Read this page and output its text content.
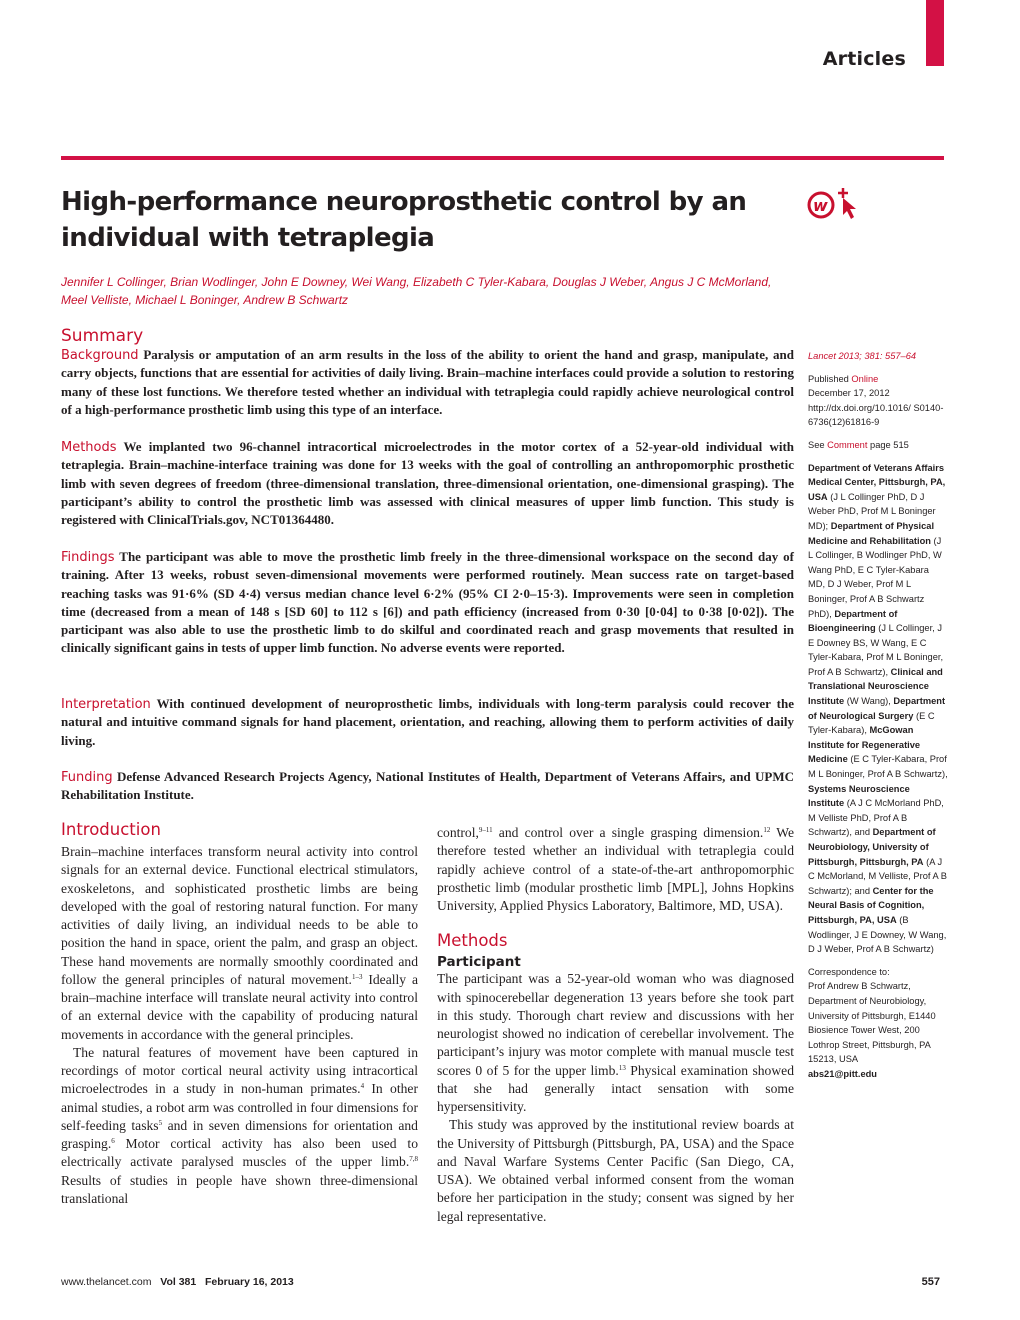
Articles
High-performance neuroprosthetic control by an individual with tetraplegia
w
Jennifer L Collinger, Brian Wodlinger, John E Downey, Wei Wang, Elizabeth C Tyler-Kabara, Douglas J Weber, Angus J C McMorland, Meel Velliste, Michael L Boninger, Andrew B Schwartz
Summary

Background Paralysis or amputation of an arm results in the loss of the ability to orient the hand and grasp, manipulate, and carry objects, functions that are essential for activities of daily living. Brain–machine interfaces could provide a solution to restoring many of these lost functions. We therefore tested whether an individual with tetraplegia could rapidly achieve neurological control of a high-performance prosthetic limb using this type of an interface.

Methods We implanted two 96-channel intracortical microelectrodes in the motor cortex of a 52-year-old individual with tetraplegia. Brain–machine-interface training was done for 13 weeks with the goal of controlling an anthropomorphic prosthetic limb with seven degrees of freedom (three-dimensional translation, three-dimensional orientation, one-dimensional grasping). The participant’s ability to control the prosthetic limb was assessed with clinical measures of upper limb function. This study is registered with ClinicalTrials.gov, NCT01364480.

Findings The participant was able to move the prosthetic limb freely in the three-dimensional workspace on the second day of training. After 13 weeks, robust seven-dimensional movements were performed routinely. Mean success rate on target-based reaching tasks was 91·6% (SD 4·4) versus median chance level 6·2% (95% CI 2·0–15·3). Improvements were seen in completion time (decreased from a mean of 148 s [SD 60] to 112 s [6]) and path efficiency (increased from 0·30 [0·04] to 0·38 [0·02]). The participant was also able to use the prosthetic limb to do skilful and coordinated reach and grasp movements that resulted in clinically significant gains in tests of upper limb function. No adverse events were reported.

Interpretation With continued development of neuroprosthetic limbs, individuals with long-term paralysis could recover the natural and intuitive command signals for hand placement, orientation, and reaching, allowing them to perform activities of daily living.

Funding Defense Advanced Research Projects Agency, National Institutes of Health, Department of Veterans Affairs, and UPMC Rehabilitation Institute.

Introduction

Brain–machine interfaces transform neural activity into control signals for an external device. Functional electrical stimulators, exoskeletons, and sophisticated prosthetic limbs are being developed with the goal of restoring natural function. For many activities of daily living, an individual needs to be able to position the hand in space, orient the palm, and grasp an object. These hand movements are normally smoothly coordinated and follow the general principles of natural movement.$^{1-3}$ Ideally a brain–machine interface will translate neural activity into control of an external device with the capability of producing natural movements in accordance with the general principles.

The natural features of movement have been captured in recordings of motor cortical neural activity using intracortical microelectrodes in a study in non-human primates.$^4$ In other animal studies, a robot arm was controlled in four dimensions for self-feeding tasks$^5$ and in seven dimensions for orientation and grasping.$^6$ Motor cortical activity has also been used to electrically activate paralysed muscles of the upper limb.$^{7,8}$ Results of studies in people have shown three-dimensional translational

control,$^{9-11}$ and control over a single grasping dimension.$^{12}$ We therefore tested whether an individual with tetraplegia could rapidly achieve control of a state-of-the-art anthropomorphic prosthetic limb (modular prosthetic limb [MPL], Johns Hopkins University, Applied Physics Laboratory, Baltimore, MD, USA).

Methods
Participant

The participant was a 52-year-old woman who was diagnosed with spinocerebellar degeneration 13 years before she took part in this study. Thorough chart review and discussions with her neurologist showed no indication of cerebellar involvement. The participant’s injury was motor complete with manual muscle test scores 0 of 5 for the upper limb.$^{13}$ Physical examination showed that she had generally intact sensation with some hypersensitivity.

This study was approved by the institutional review boards at the University of Pittsburgh (Pittsburgh, PA, USA) and the Space and Naval Warfare Systems Center Pacific (San Diego, CA, USA). We obtained verbal informed consent from the woman before her participation in the study; consent was signed by her legal representative.

Lancet 2013; 381: 557–64

Published Online
December 17, 2012
http://dx.doi.org/10.1016/ S0140-6736(12)61816-9

See Comment page 515

Department of Veterans Affairs Medical Center, Pittsburgh, PA, USA (J L Collinger PhD, D J Weber PhD, Prof M L Boninger MD); Department of Physical Medicine and Rehabilitation (J L Collinger, B Wodlinger PhD, W Wang PhD, E C Tyler-Kabara MD, D J Weber, Prof M L Boninger, Prof A B Schwartz PhD), Department of Bioengineering (J L Collinger, J E Downey BS, W Wang, E C Tyler-Kabara, Prof M L Boninger, Prof A B Schwartz), Clinical and Translational Neuroscience Institute (W Wang), Department of Neurological Surgery (E C Tyler-Kabara), McGowan Institute for Regenerative Medicine (E C Tyler-Kabara, Prof M L Boninger, Prof A B Schwartz), Systems Neuroscience Institute (A J C McMorland PhD, M Velliste PhD, Prof A B Schwartz), and Department of Neurobiology, University of Pittsburgh, Pittsburgh, PA (A J C McMorland, M Velliste, Prof A B Schwartz); and Center for the Neural Basis of Cognition, Pittsburgh, PA, USA (B Wodlinger, J E Downey, W Wang, D J Weber, Prof A B Schwartz)

Correspondence to:
Prof Andrew B Schwartz, Department of Neurobiology, University of Pittsburgh, E1440 Biosience Tower West, 200 Lothrop Street, Pittsburgh, PA 15213, USA
abs21@pitt.edu

www.thelancet.com Vol 381 February 16, 2013	557
